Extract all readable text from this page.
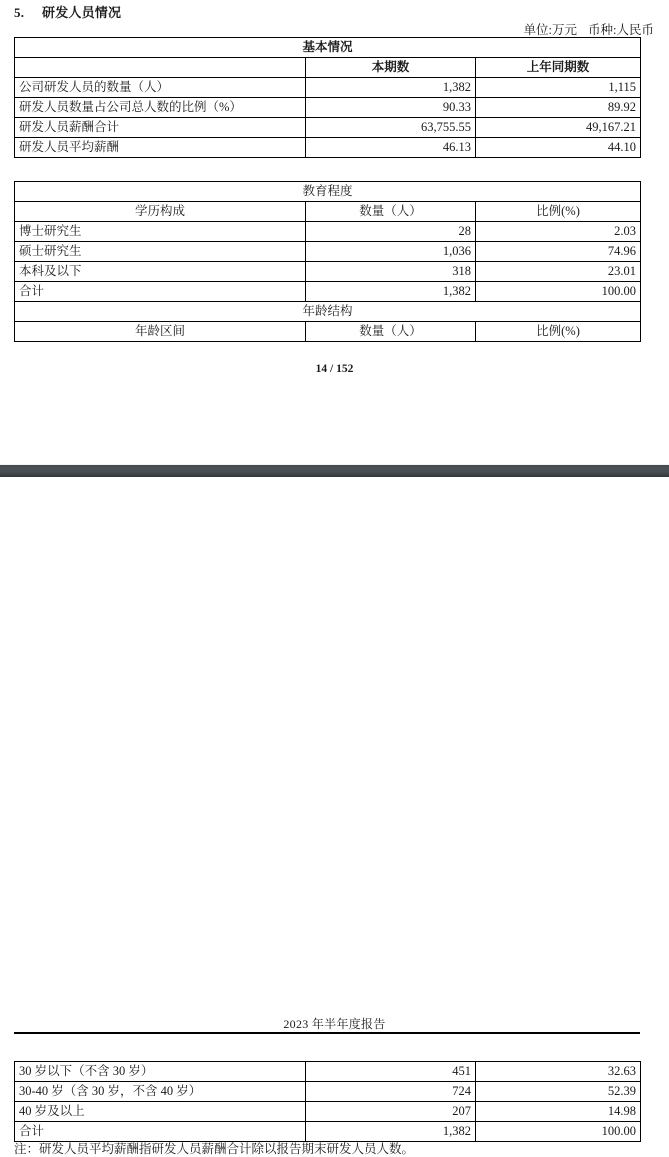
5. 研发人员情况
单位:万元 币种:人民币
基本情况		
	本期数	上年同期数
公司研发人员的数量（人）	1,382	1,115
研发人员数量占公司总人数的比例（%）	90.33	89.92
研发人员薪酬合计	63,755.55	49,167.21
研发人员平均薪酬	46.13	44.10
教育程度		
学历构成	数量（人）	比例(%)
博士研究生	28	2.03
硕士研究生	1,036	74.96
本科及以下	318	23.01
合计	1,382	100.00
年龄结构		
年龄区间	数量（人）	比例(%)
14 / 152
2023 年半年度报告
30 岁以下（不含 30 岁）	451	32.63
30-40 岁（含 30 岁，不含 40 岁）	724	52.39
40 岁及以上	207	14.98
合计	1,382	100.00
注：研发人员平均薪酬指研发人员薪酬合计除以报告期末研发人员人数。
